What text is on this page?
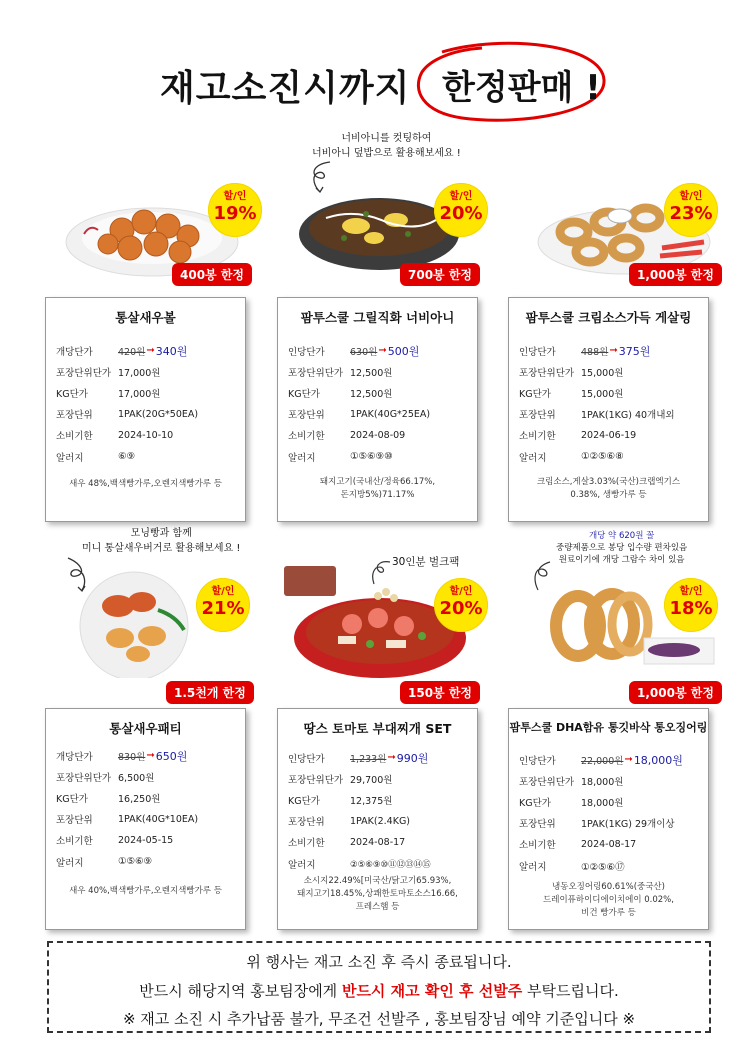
재고소진시까지 한정판매 !
너비아니를 컷팅하여
너비아니 덮밥으로 활용해보세요 !
모닝빵과 함께
미니 통살새우버거로 활용해보세요 !
30인분 벌크팩
개당 약 620원 꼴
중량제품으로 봉당 입수량 편차있음
원료이기에 개당 그람수 차이 있음
할/인
19%
할/인
20%
할/인
23%
할/인
21%
할/인
20%
할/인
18%
400봉 한정	700봉 한정	1,000봉 한정
1.5천개 한정	150봉 한정	1,000봉 한정
통살새우볼
개당단가	420원 ➞ 340원
포장단위단가 17,000원
KG단가	17,000원
포장단위	1PAK(20G*50EA)
소비기한	2024-10-10
알러지	⑥⑨
새우 48%,백색빵가루,오렌지색빵가루 등
팜투스쿨 그릴직화 너비아니
인당단가	630원 ➞ 500원
포장단위단가 12,500원
KG단가	12,500원
포장단위	1PAK(40G*25EA)
소비기한	2024-08-09
알러지	①⑤⑥⑨⑩
돼지고기(국내산/정육66.17%,
돈지방5%)71.17%
팜투스쿨 크림소스가득 게살링
인당단가	488원 ➞ 375원
포장단위단가 15,000원
KG단가	15,000원
포장단위	1PAK(1KG) 40개내외
소비기한	2024-06-19
알러지	①②⑤⑥⑧
크림소스,게살3.03%(국산)크랩엑기스
0.38%, 생빵가루 등
통살새우패티
개당단가	830원 ➞ 650원
포장단위단가 6,500원
KG단가	16,250원
포장단위	1PAK(40G*10EA)
소비기한	2024-05-15
알러지	①⑤⑥⑨
새우 40%,백색빵가루,오렌지색빵가루 등
땅스 토마토 부대찌개 SET
인당단가	1,233원 ➞ 990원
포장단위단가 29,700원
KG단가	12,375원
포장단위	1PAK(2.4KG)
소비기한	2024-08-17
알러지	②⑤⑥⑨⑩⑪⑫⑬⑭⑮
소시지22.49%[미국산/닭고기65.93%,
돼지고기18.45%,상쾌한토마토소스16.66,
프레스햄 등
팜투스쿨 DHA함유 통깃바삭 통오징어링
인당단가	22,000원 ➞ 18,000원
포장단위단가 18,000원
KG단가	18,000원
포장단위	1PAK(1KG) 29개이상
소비기한	2024-08-17
알러지	①②⑤⑥⑰
냉동오징어링60.61%(중국산)
드레이퓨하이디에이치에이 0.02%,
비건 빵가루 등
위 행사는 재고 소진 후 즉시 종료됩니다.
반드시 해당지역 홍보팀장에게 반드시 재고 확인 후 선발주 부탁드립니다.
※ 재고 소진 시 추가납품 불가, 무조건 선발주 , 홍보팀장님 예약 기준입니다 ※
